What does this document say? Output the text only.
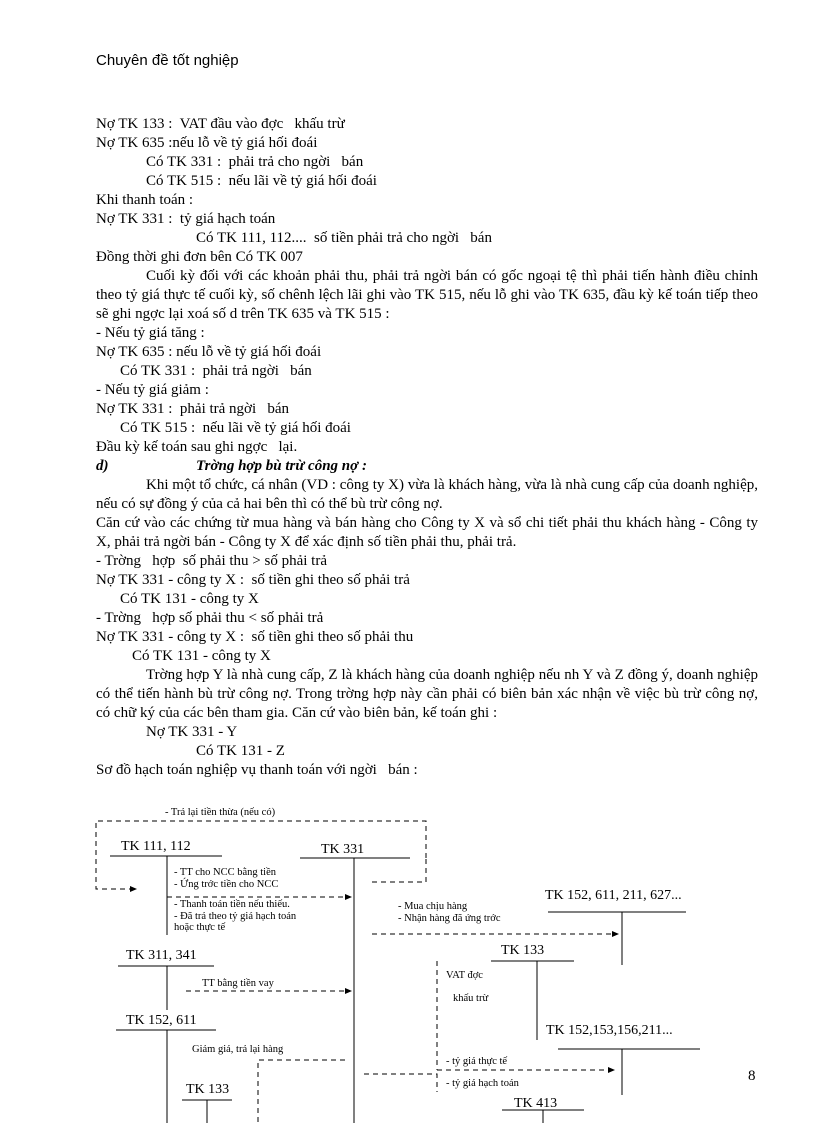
Chuyên đề tốt nghiệp
Nợ TK 133 :  VAT đầu vào đợc   khấu trừ
Nợ TK 635 :nếu lỗ về tỷ giá hối đoái
Có TK 331 :  phải trả cho ngời   bán
Có TK 515 :  nếu lãi về tỷ giá hối đoái
Khi thanh toán :
Nợ TK 331 :  tỷ giá hạch toán
Có TK 111, 112....  số tiền phải trả cho ngời   bán
Đồng thời ghi đơn bên Có TK 007
Cuối kỳ đối với các khoản phải thu, phải trả ngời bán có gốc ngoại tệ thì phải tiến hành điều chỉnh theo tỷ giá thực tế cuối kỳ, số chênh lệch lãi ghi vào TK 515, nếu lỗ ghi vào TK 635, đầu kỳ kế toán tiếp theo sẽ ghi ngợc lại xoá số d trên TK 635 và TK 515 :
- Nếu tỷ giá tăng :
Nợ TK 635 : nếu lỗ về tỷ giá hối đoái
Có TK 331 :  phải trả ngời   bán
- Nếu tỷ giá giảm :
Nợ TK 331 :  phải trả ngời   bán
Có TK 515 :  nếu lãi về tỷ giá hối đoái
Đầu kỳ kế toán sau ghi ngợc   lại.
d)	Trờng hợp bù trừ công nợ :
Khi một tổ chức, cá nhân (VD : công ty X) vừa là khách hàng, vừa là nhà cung cấp của doanh nghiệp, nếu có sự đồng ý của cả hai bên thì có thể bù trừ công nợ.
Căn cứ vào các chứng từ mua hàng và bán hàng cho Công ty X và sổ chi tiết phải thu khách hàng - Công ty X, phải trả ngời bán - Công ty X để xác định số tiền phải thu, phải trả.
- Trờng   hợp  số phải thu > số phải trả
Nợ TK 331 - công ty X :  số tiền ghi theo số phải trả
Có TK 131 - công ty X
- Trờng   hợp số phải thu < số phải trả
Nợ TK 331 - công ty X :  số tiền ghi theo số phải thu
Có TK 131 - công ty X
Trờng hợp Y là nhà cung cấp, Z là khách hàng của doanh nghiệp nếu nh Y và Z đồng ý, doanh nghiệp có thể tiến hành bù trừ công nợ. Trong trờng hợp này cần phải có biên bản xác nhận về việc bù trừ công nợ, có chữ ký của các bên tham gia. Căn cứ vào biên bản, kế toán ghi :
Nợ TK 331 - Y
Có TK 131 - Z
Sơ đồ hạch toán nghiệp vụ thanh toán với ngời   bán :
- Trả lại tiền thừa (nếu có)
TK 111, 112	TK 331
- TT cho NCC bằng tiền
- Ứng trớc tiền cho NCC
- Thanh toán tiền nếu thiếu.
- Đã trả theo tỷ giá hạch toán
hoặc thực tế
TK 311, 341
TT bằng tiền vay
TK 152, 611
Giảm giá, trả lại hàng
TK 133
- Mua chịu hàng
- Nhận hàng đã ứng trớc
TK 152, 611, 211, 627...
TK 133
VAT đợc
khấu trừ
TK 152,153,156,211...
- tỷ giá thực tế
- tỷ giá hạch toán
TK 413
8
